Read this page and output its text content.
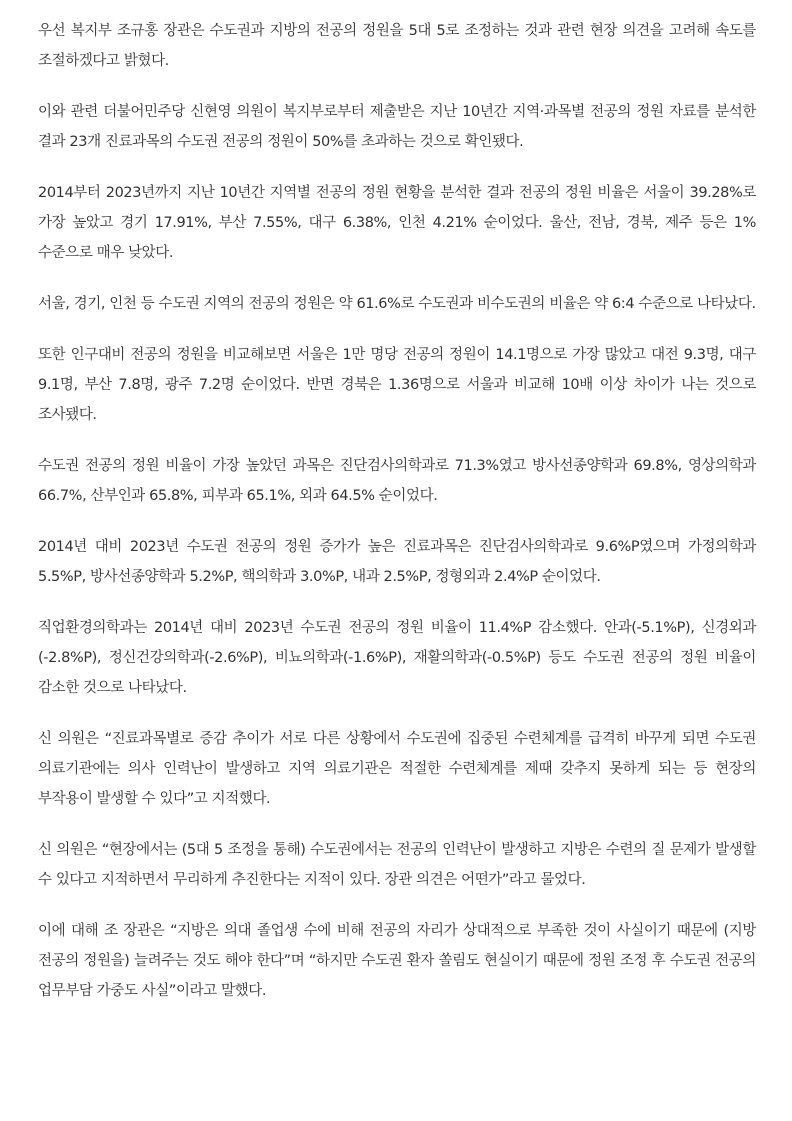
우선 복지부 조규홍 장관은 수도권과 지방의 전공의 정원을 5대 5로 조정하는 것과 관련 현장 의견을 고려해 속도를 조절하겠다고 밝혔다.

이와 관련 더불어민주당 신현영 의원이 복지부로부터 제출받은 지난 10년간 지역·과목별 전공의 정원 자료를 분석한 결과 23개 진료과목의 수도권 전공의 정원이 50%를 초과하는 것으로 확인됐다.

2014부터 2023년까지 지난 10년간 지역별 전공의 정원 현황을 분석한 결과 전공의 정원 비율은 서울이 39.28%로 가장 높았고 경기 17.91%, 부산 7.55%, 대구 6.38%, 인천 4.21% 순이었다. 울산, 전남, 경북, 제주 등은 1% 수준으로 매우 낮았다.

서울, 경기, 인천 등 수도권 지역의 전공의 정원은 약 61.6%로 수도권과 비수도권의 비율은 약 6:4 수준으로 나타났다.

또한 인구대비 전공의 정원을 비교해보면 서울은 1만 명당 전공의 정원이 14.1명으로 가장 많았고 대전 9.3명, 대구 9.1명, 부산 7.8명, 광주 7.2명 순이었다. 반면 경북은 1.36명으로 서울과 비교해 10배 이상 차이가 나는 것으로 조사됐다.

수도권 전공의 정원 비율이 가장 높았던 과목은 진단검사의학과로 71.3%였고 방사선종양학과 69.8%, 영상의학과 66.7%, 산부인과 65.8%, 피부과 65.1%, 외과 64.5% 순이었다.

2014년 대비 2023년 수도권 전공의 정원 증가가 높은 진료과목은 진단검사의학과로 9.6%P였으며 가정의학과 5.5%P, 방사선종양학과 5.2%P, 핵의학과 3.0%P, 내과 2.5%P, 정형외과 2.4%P 순이었다.

직업환경의학과는 2014년 대비 2023년 수도권 전공의 정원 비율이 11.4%P 감소했다. 안과(-5.1%P), 신경외과(-2.8%P), 정신건강의학과(-2.6%P), 비뇨의학과(-1.6%P), 재활의학과(-0.5%P) 등도 수도권 전공의 정원 비율이 감소한 것으로 나타났다.

신 의원은 “진료과목별로 증감 추이가 서로 다른 상황에서 수도권에 집중된 수련체계를 급격히 바꾸게 되면 수도권 의료기관에는 의사 인력난이 발생하고 지역 의료기관은 적절한 수련체계를 제때 갖추지 못하게 되는 등 현장의 부작용이 발생할 수 있다”고 지적했다.

신 의원은 “현장에서는 (5대 5 조정을 통해) 수도권에서는 전공의 인력난이 발생하고 지방은 수련의 질 문제가 발생할 수 있다고 지적하면서 무리하게 추진한다는 지적이 있다. 장관 의견은 어떤가”라고 물었다.

이에 대해 조 장관은 “지방은 의대 졸업생 수에 비해 전공의 자리가 상대적으로 부족한 것이 사실이기 때문에 (지방 전공의 정원을) 늘려주는 것도 해야 한다”며 “하지만 수도권 환자 쏠림도 현실이기 때문에 정원 조정 후 수도권 전공의 업무부담 가중도 사실”이라고 말했다.
